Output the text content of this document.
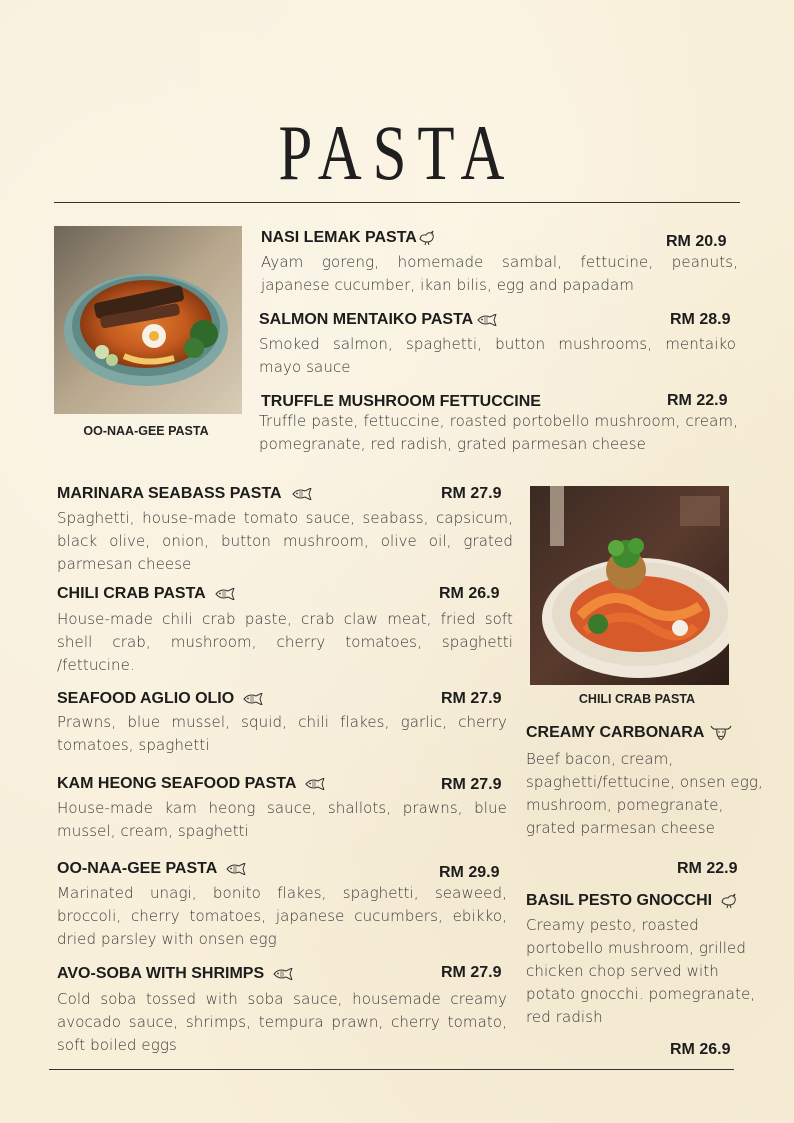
PASTA
OO-NAA-GEE PASTA
CHILI CRAB PASTA
NASI LEMAK PASTA	RM 20.9
Ayam goreng, homemade sambal, fettucine, peanuts, japanese cucumber, ikan bilis, egg and papadam
SALMON MENTAIKO PASTA	RM 28.9
Smoked salmon, spaghetti, button mushrooms, mentaiko mayo sauce
TRUFFLE MUSHROOM FETTUCCINE	RM 22.9
Truffle paste, fettuccine, roasted portobello mushroom, cream, pomegranate, red radish, grated parmesan cheese
MARINARA SEABASS PASTA	RM 27.9
Spaghetti, house-made tomato sauce, seabass, capsicum, black olive, onion, button mushroom, olive oil, grated parmesan cheese
CHILI CRAB PASTA	RM 26.9
House-made chili crab paste, crab claw meat, fried soft shell crab, mushroom, cherry tomatoes, spaghetti /fettucine.
SEAFOOD AGLIO OLIO	RM 27.9
Prawns, blue mussel, squid, chili flakes, garlic, cherry tomatoes, spaghetti
KAM HEONG SEAFOOD PASTA	RM 27.9
House-made kam heong sauce, shallots, prawns, blue mussel, cream, spaghetti
OO-NAA-GEE PASTA	RM 29.9
Marinated unagi, bonito flakes, spaghetti, seaweed, broccoli, cherry tomatoes, japanese cucumbers, ebikko, dried parsley with onsen egg
AVO-SOBA WITH SHRIMPS	RM 27.9
Cold soba tossed with soba sauce, housemade creamy avocado sauce, shrimps, tempura prawn, cherry tomato, soft boiled eggs
CREAMY CARBONARA
Beef bacon, cream, spaghetti/fettucine, onsen egg, mushroom, pomegranate, grated parmesan cheese
RM 22.9
BASIL PESTO GNOCCHI
Creamy pesto, roasted portobello mushroom, grilled chicken chop served with potato gnocchi. pomegranate, red radish
RM 26.9
